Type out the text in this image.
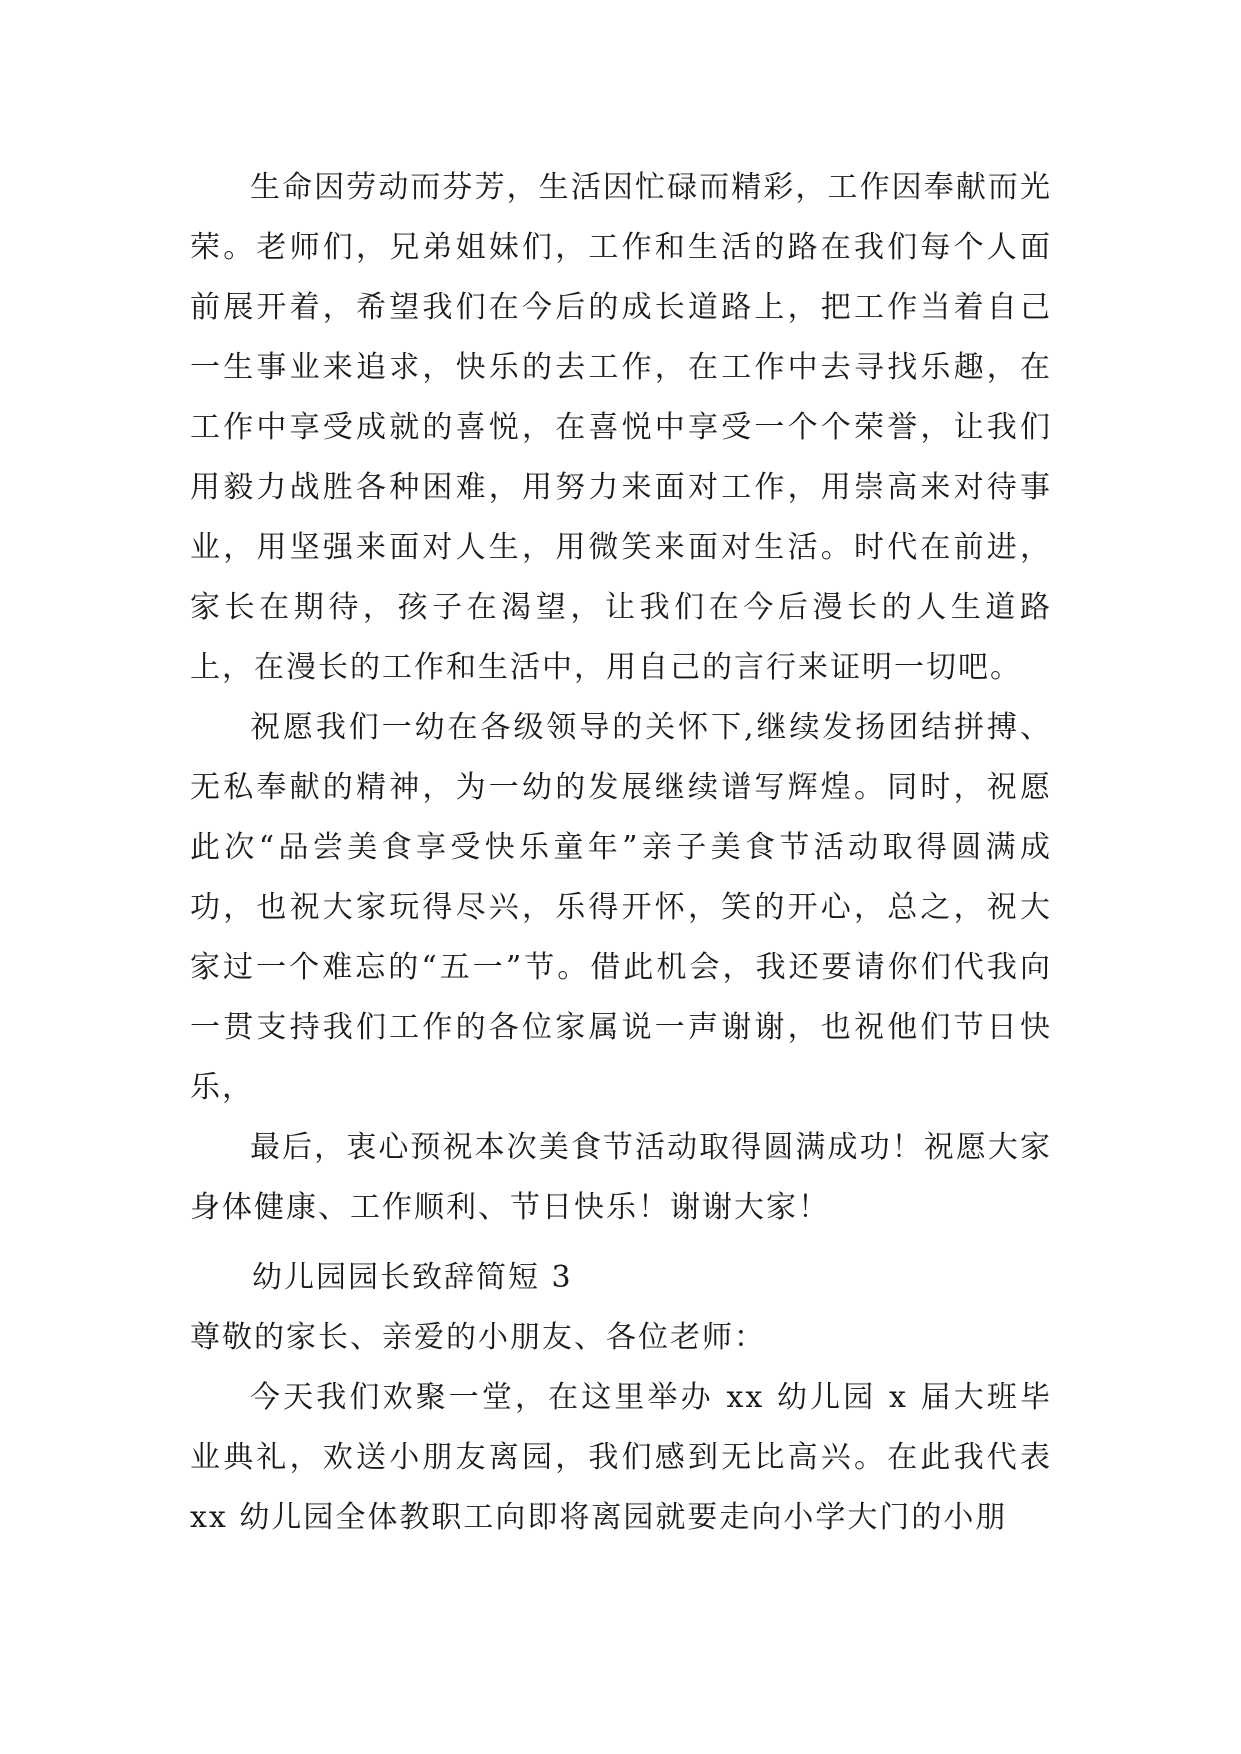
生命因劳动而芬芳，生活因忙碌而精彩，工作因奉献而光荣。老师们，兄弟姐妹们，工作和生活的路在我们每个人面前展开着，希望我们在今后的成长道路上，把工作当着自己一生事业来追求，快乐的去工作，在工作中去寻找乐趣，在工作中享受成就的喜悦，在喜悦中享受一个个荣誉，让我们用毅力战胜各种困难，用努力来面对工作，用崇高来对待事业，用坚强来面对人生，用微笑来面对生活。时代在前进，家长在期待，孩子在渴望，让我们在今后漫长的人生道路上，在漫长的工作和生活中，用自己的言行来证明一切吧。

祝愿我们一幼在各级领导的关怀下,继续发扬团结拼搏、无私奉献的精神，为一幼的发展继续谱写辉煌。同时，祝愿此次“品尝美食享受快乐童年”亲子美食节活动取得圆满成功，也祝大家玩得尽兴，乐得开怀，笑的开心，总之，祝大家过一个难忘的“五一”节。借此机会，我还要请你们代我向一贯支持我们工作的各位家属说一声谢谢，也祝他们节日快乐，

最后，衷心预祝本次美食节活动取得圆满成功！祝愿大家身体健康、工作顺利、节日快乐！谢谢大家！

幼儿园园长致辞简短 3
尊敬的家长、亲爱的小朋友、各位老师：

今天我们欢聚一堂，在这里举办 xx 幼儿园 x 届大班毕业典礼，欢送小朋友离园，我们感到无比高兴。在此我代表 xx 幼儿园全体教职工向即将离园就要走向小学大门的小朋
